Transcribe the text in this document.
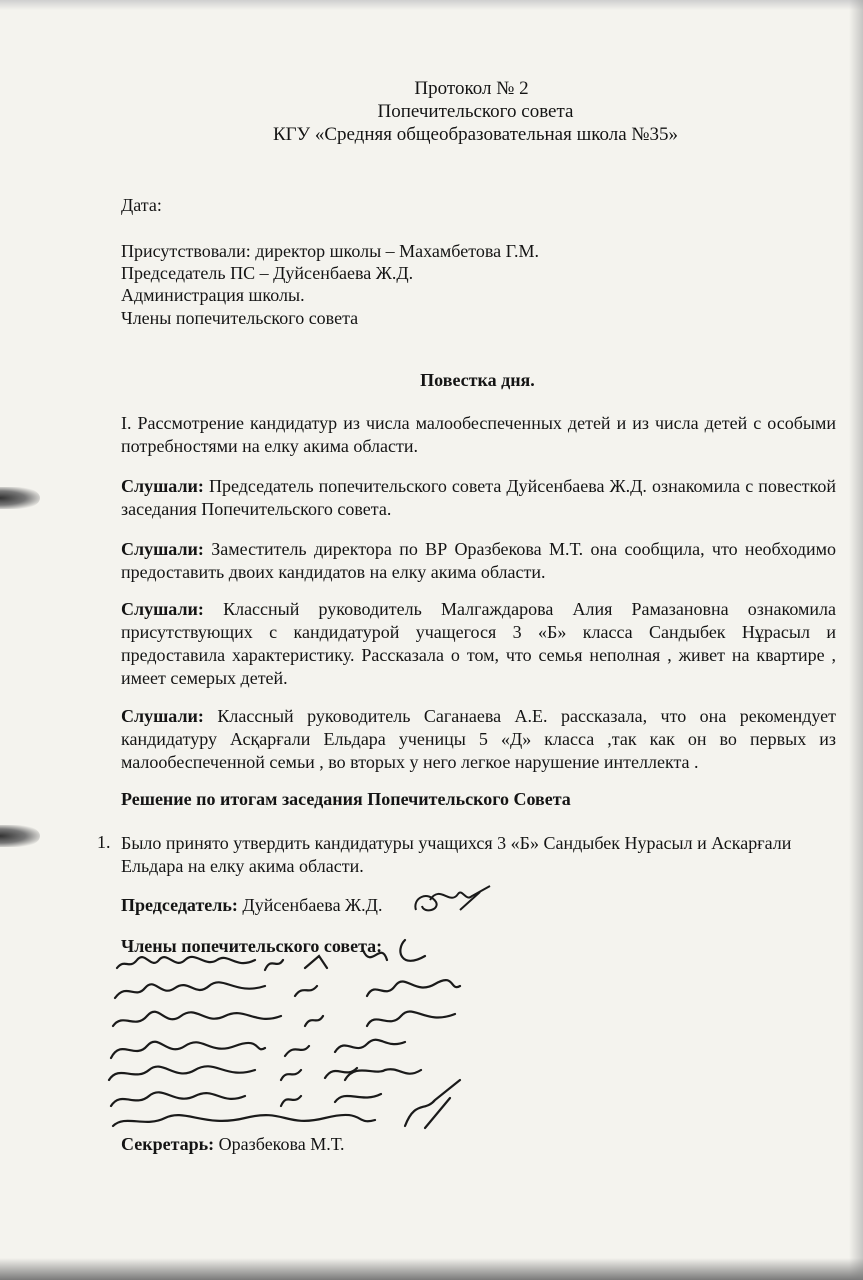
Протокол № 2
Попечительского совета
КГУ «Средняя общеобразовательная школа №35»
Дата:
Присутствовали: директор школы – Махамбетова Г.М.
Председатель ПС – Дуйсенбаева Ж.Д.
Администрация школы.
Члены попечительского совета
Повестка дня.
I. Рассмотрение кандидатур из числа малообеспеченных детей и из числа детей с особыми потребностями на елку акима области.
Слушали: Председатель попечительского совета Дуйсенбаева Ж.Д. ознакомила с повесткой заседания Попечительского совета.
Слушали: Заместитель директора по ВР Оразбекова М.Т. она сообщила, что необходимо предоставить двоих кандидатов на елку акима области.
Слушали: Классный руководитель Малгаждарова Алия Рамазановна ознакомила присутствующих с кандидатурой учащегося 3 «Б» класса Сандыбек Нұрасыл и предоставила характеристику. Рассказала о том, что семья неполная , живет на квартире , имеет семерых детей.
Слушали: Классный руководитель Саганаева А.Е. рассказала, что она рекомендует кандидатуру Асқарғали Ельдара ученицы 5 «Д» класса ,так как он во первых из малообеспеченной семьи , во вторых у него легкое нарушение интеллекта .
Решение по итогам заседания Попечительского Совета
1. Было принято утвердить кандидатуры учащихся 3 «Б» Сандыбек Нурасыл и Аскарғали Ельдара на елку акима области.
Председатель: Дуйсенбаева Ж.Д.
Члены попечительского совета:
Секретарь: Оразбекова М.Т.
